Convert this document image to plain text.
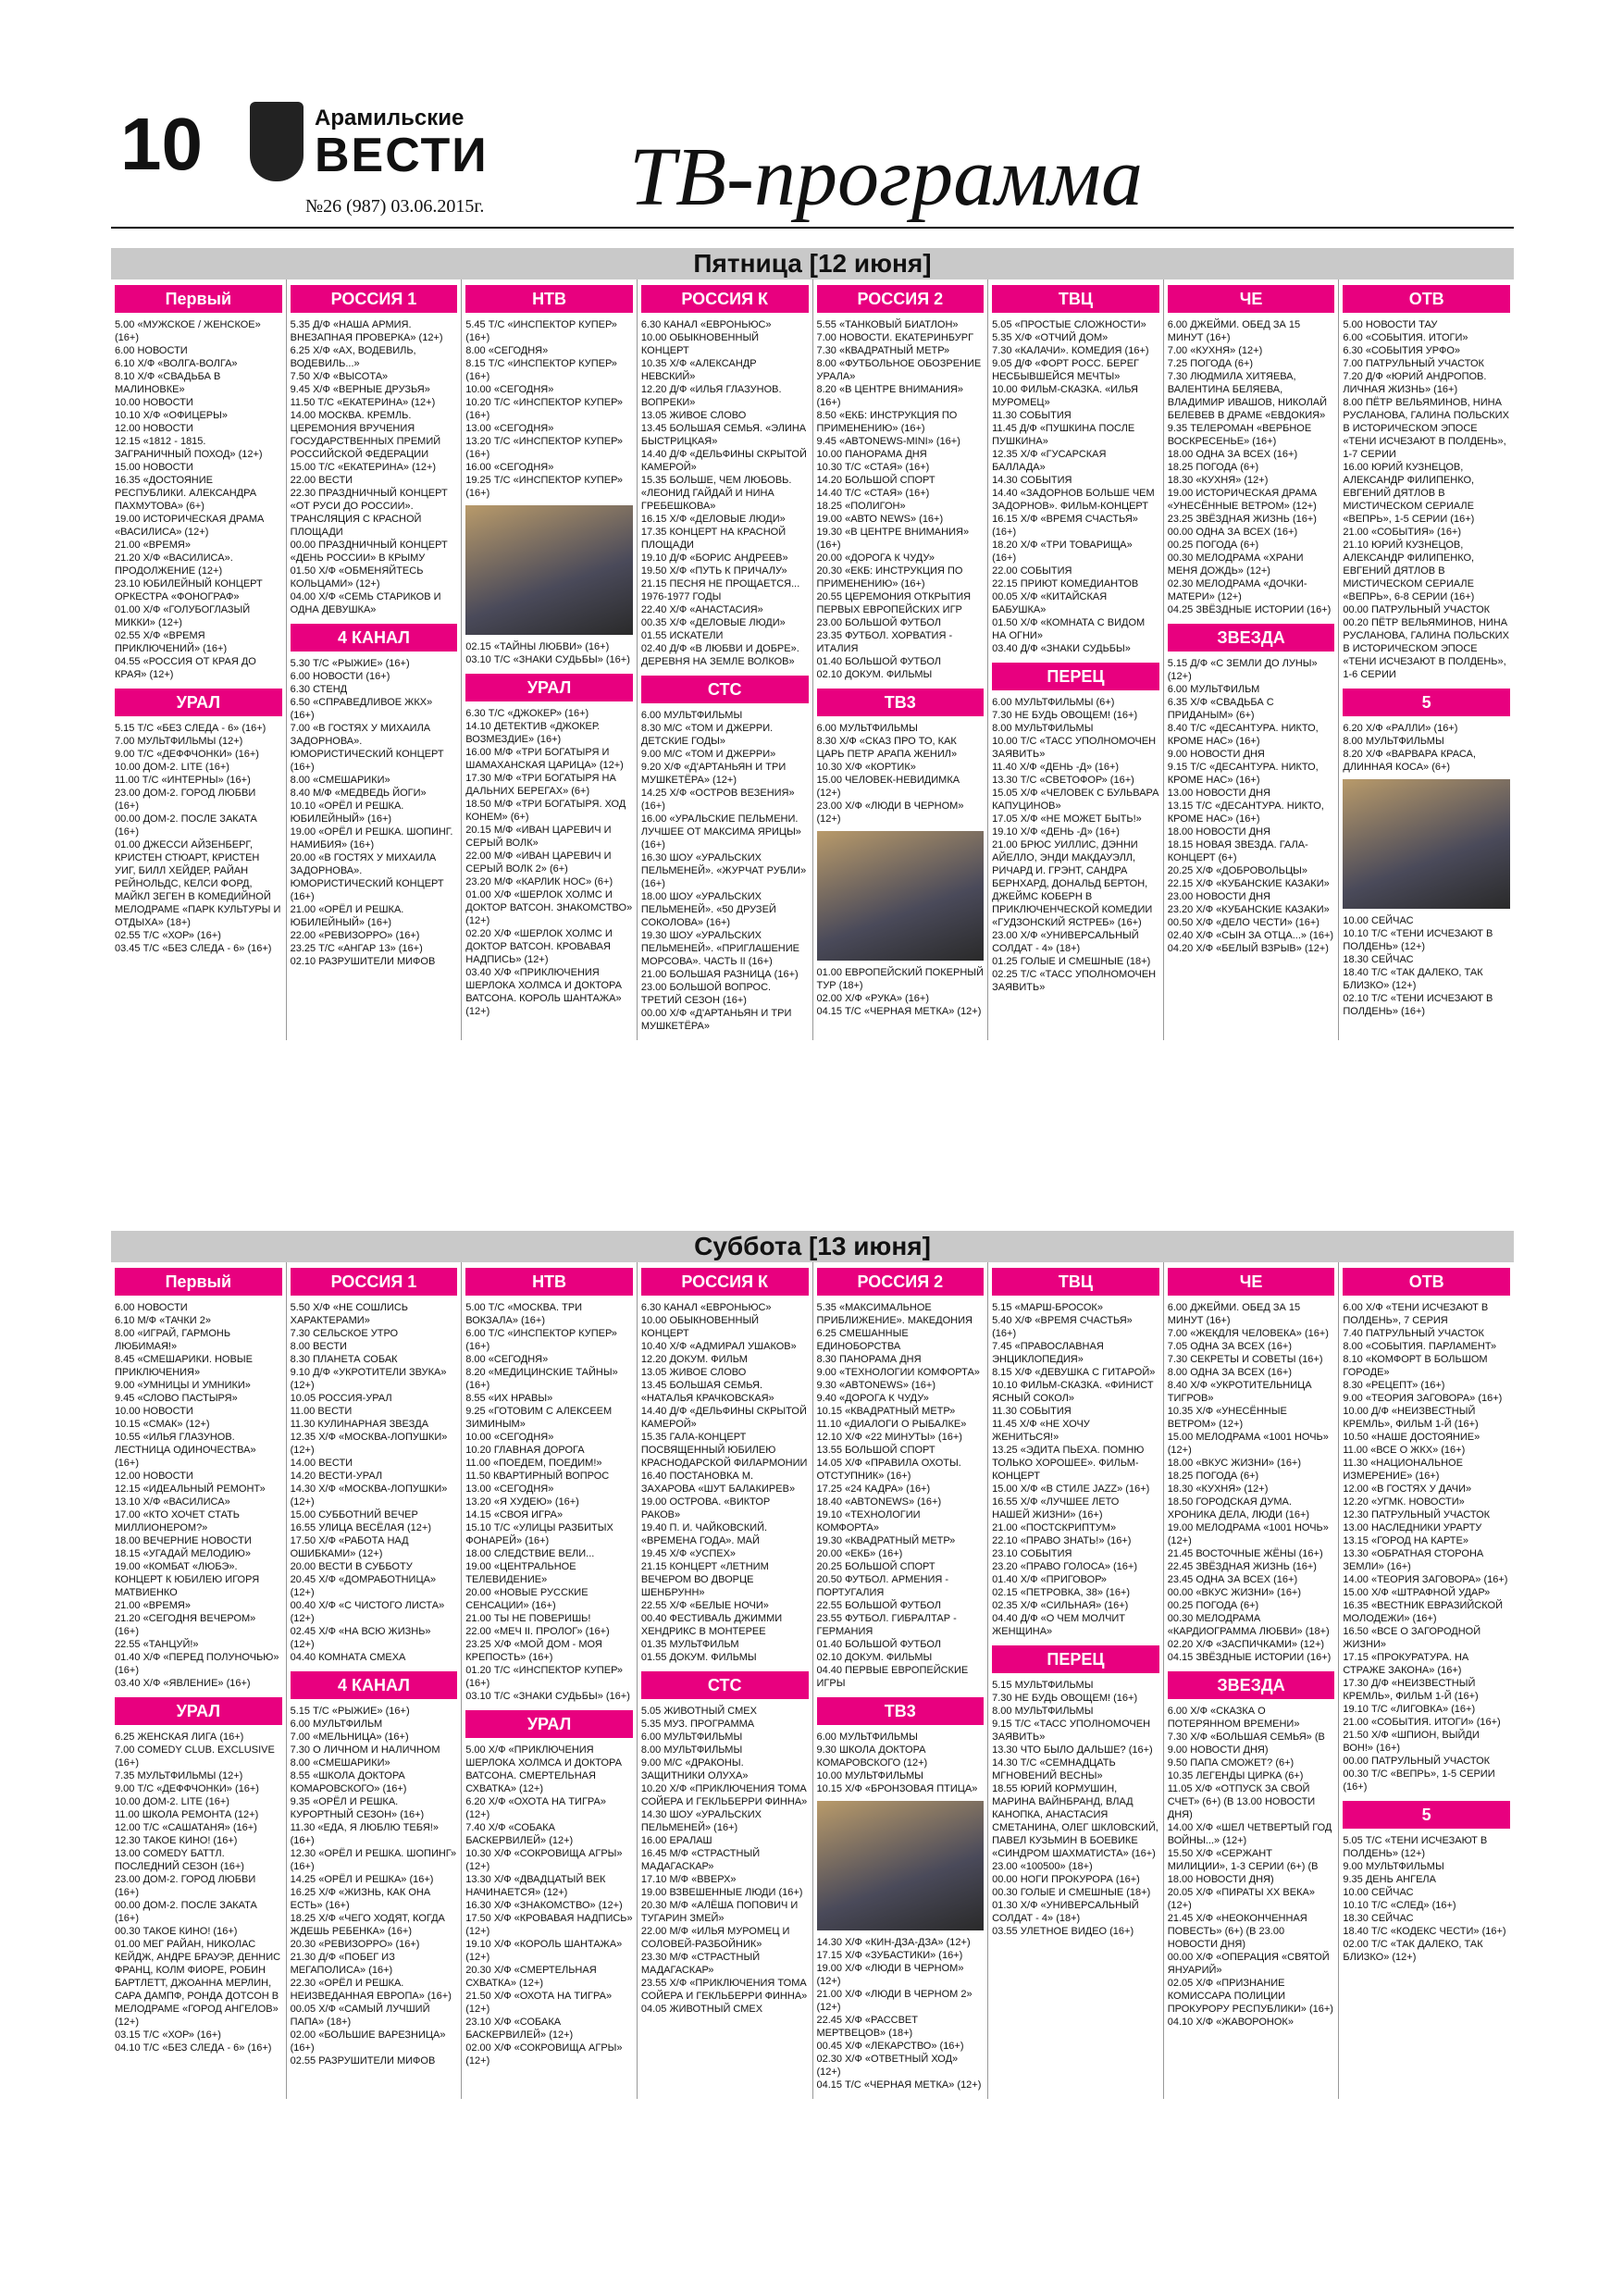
10	Арамильские
ВЕСТИ
№26 (987) 03.06.2015г. ТВ-программа
Пятница [12 июня]
Первый

5.00 «МУЖСКОЕ / ЖЕНСКОЕ» (16+)
6.00 НОВОСТИ
6.10 Х/Ф «ВОЛГА-ВОЛГА»
8.10 Х/Ф «СВАДЬБА В МАЛИНОВКЕ»
10.00 НОВОСТИ
10.10 Х/Ф «ОФИЦЕРЫ»
12.00 НОВОСТИ
12.15 «1812 - 1815. ЗАГРАНИЧНЫЙ ПОХОД» (12+)
15.00 НОВОСТИ
16.35 «ДОСТОЯНИЕ РЕСПУБЛИКИ. АЛЕКСАНДРА ПАХМУТОВА» (6+)
19.00 ИСТОРИЧЕСКАЯ ДРАМА «ВАСИЛИСА» (12+)
21.00 «ВРЕМЯ»
21.20 Х/Ф «ВАСИЛИСА». ПРОДОЛЖЕНИЕ (12+)
23.10 ЮБИЛЕЙНЫЙ КОНЦЕРТ ОРКЕСТРА «ФОНОГРАФ»
01.00 Х/Ф «ГОЛУБОГЛАЗЫЙ МИККИ» (12+)
02.55 Х/Ф «ВРЕМЯ ПРИКЛЮЧЕНИЙ» (16+)
04.55 «РОССИЯ ОТ КРАЯ ДО КРАЯ» (12+)

УРАЛ

5.15 Т/С «БЕЗ СЛЕДА - 6» (16+)
7.00 МУЛЬТФИЛЬМЫ (12+)
9.00 Т/С «ДЕФФЧОНКИ» (16+)
10.00 ДОМ-2. LITE (16+)
11.00 Т/С «ИНТЕРНЫ» (16+)
23.00 ДОМ-2. ГОРОД ЛЮБВИ (16+)
00.00 ДОМ-2. ПОСЛЕ ЗАКАТА (16+)
01.00 ДЖЕССИ АЙЗЕНБЕРГ, КРИСТЕН СТЮАРТ, КРИСТЕН УИГ, БИЛЛ ХЕЙДЕР, РАЙАН РЕЙНОЛЬДС, КЕЛСИ ФОРД, МАЙКЛ ЗЕГЕН В КОМЕДИЙНОЙ МЕЛОДРАМЕ «ПАРК КУЛЬТУРЫ И ОТДЫХА» (18+)
02.55 Т/С «ХОР» (16+)
03.45 Т/С «БЕЗ СЛЕДА - 6» (16+)

РОССИЯ 1

5.35 Д/Ф «НАША АРМИЯ. ВНЕЗАПНАЯ ПРОВЕРКА» (12+)
6.25 Х/Ф «АХ, ВОДЕВИЛЬ, ВОДЕВИЛЬ...»
7.50 Х/Ф «ВЫСОТА»
9.45 Х/Ф «ВЕРНЫЕ ДРУЗЬЯ»
11.50 Т/С «ЕКАТЕРИНА» (12+)
14.00 МОСКВА. КРЕМЛЬ. ЦЕРЕМОНИЯ ВРУЧЕНИЯ ГОСУДАРСТВЕННЫХ ПРЕМИЙ РОССИЙСКОЙ ФЕДЕРАЦИИ
15.00 Т/С «ЕКАТЕРИНА» (12+)
22.00 ВЕСТИ
22.30 ПРАЗДНИЧНЫЙ КОНЦЕРТ «ОТ РУСИ ДО РОССИИ». ТРАНСЛЯЦИЯ С КРАСНОЙ ПЛОЩАДИ
00.00 ПРАЗДНИЧНЫЙ КОНЦЕРТ «ДЕНЬ РОССИИ» В КРЫМУ
01.50 Х/Ф «ОБМЕНЯЙТЕСЬ КОЛЬЦАМИ» (12+)
04.00 Х/Ф «СЕМЬ СТАРИКОВ И ОДНА ДЕВУШКА»

4 КАНАЛ

5.30 Т/С «РЫЖИЕ» (16+)
6.00 НОВОСТИ (16+)
6.30 СТЕНД
6.50 «СПРАВЕДЛИВОЕ ЖКХ» (16+)
7.00 «В ГОСТЯХ У МИХАИЛА ЗАДОРНОВА». ЮМОРИСТИЧЕСКИЙ КОНЦЕРТ (16+)
8.00 «СМЕШАРИКИ»
8.40 М/Ф «МЕДВЕДЬ ЙОГИ»
10.10 «ОРЁЛ И РЕШКА. ЮБИЛЕЙНЫЙ» (16+)
19.00 «ОРЁЛ И РЕШКА. ШОПИНГ. НАМИБИЯ» (16+)
20.00 «В ГОСТЯХ У МИХАИЛА ЗАДОРНОВА». ЮМОРИСТИЧЕСКИЙ КОНЦЕРТ (16+)
21.00 «ОРЁЛ И РЕШКА. ЮБИЛЕЙНЫЙ» (16+)
22.00 «РЕВИЗОРРО» (16+)
23.25 Т/С «АНГАР 13» (16+)
02.10 РАЗРУШИТЕЛИ МИФОВ

НТВ

5.45 Т/С «ИНСПЕКТОР КУПЕР» (16+)
8.00 «СЕГОДНЯ»
8.15 Т/С «ИНСПЕКТОР КУПЕР» (16+)
10.00 «СЕГОДНЯ»
10.20 Т/С «ИНСПЕКТОР КУПЕР» (16+)
13.00 «СЕГОДНЯ»
13.20 Т/С «ИНСПЕКТОР КУПЕР» (16+)
16.00 «СЕГОДНЯ»
19.25 Т/С «ИНСПЕКТОР КУПЕР» (16+)

02.15 «ТАЙНЫ ЛЮБВИ» (16+)
03.10 Т/С «ЗНАКИ СУДЬБЫ» (16+)

УРАЛ

6.30 Т/С «ДЖОКЕР» (16+)
14.10 ДЕТЕКТИВ «ДЖОКЕР. ВОЗМЕЗДИЕ» (16+)
16.00 М/Ф «ТРИ БОГАТЫРЯ И ШАМАХАНСКАЯ ЦАРИЦА» (12+)
17.30 М/Ф «ТРИ БОГАТЫРЯ НА ДАЛЬНИХ БЕРЕГАХ» (6+)
18.50 М/Ф «ТРИ БОГАТЫРЯ. ХОД КОНЕМ» (6+)
20.15 М/Ф «ИВАН ЦАРЕВИЧ И СЕРЫЙ ВОЛК»
22.00 М/Ф «ИВАН ЦАРЕВИЧ И СЕРЫЙ ВОЛК 2» (6+)
23.20 М/Ф «КАРЛИК НОС» (6+)
01.00 Х/Ф «ШЕРЛОК ХОЛМС И ДОКТОР ВАТСОН. ЗНАКОМСТВО» (12+)
02.20 Х/Ф «ШЕРЛОК ХОЛМС И ДОКТОР ВАТСОН. КРОВАВАЯ НАДПИСЬ» (12+)
03.40 Х/Ф «ПРИКЛЮЧЕНИЯ ШЕРЛОКА ХОЛМСА И ДОКТОРА ВАТСОНА. КОРОЛЬ ШАНТАЖА» (12+)

РОССИЯ К

6.30 КАНАЛ «ЕВРОНЬЮС»
10.00 ОБЫКНОВЕННЫЙ КОНЦЕРТ
10.35 Х/Ф «АЛЕКСАНДР НЕВСКИЙ»
12.20 Д/Ф «ИЛЬЯ ГЛАЗУНОВ. ВОПРЕКИ»
13.05 ЖИВОЕ СЛОВО
13.45 БОЛЬШАЯ СЕМЬЯ. «ЭЛИНА БЫСТРИЦКАЯ»
14.40 Д/Ф «ДЕЛЬФИНЫ СКРЫТОЙ КАМЕРОЙ»
15.35 БОЛЬШЕ, ЧЕМ ЛЮБОВЬ. «ЛЕОНИД ГАЙДАЙ И НИНА ГРЕБЕШКОВА»
16.15 Х/Ф «ДЕЛОВЫЕ ЛЮДИ»
17.35 КОНЦЕРТ НА КРАСНОЙ ПЛОЩАДИ
19.10 Д/Ф «БОРИС АНДРЕЕВ»
19.50 Х/Ф «ПУТЬ К ПРИЧАЛУ»
21.15 ПЕСНЯ НЕ ПРОЩАЕТСЯ... 1976-1977 ГОДЫ
22.40 Х/Ф «АНАСТАСИЯ»
00.35 Х/Ф «ДЕЛОВЫЕ ЛЮДИ»
01.55 ИСКАТЕЛИ
02.40 Д/Ф «В ЛЮБВИ И ДОБРЕ». ДЕРЕВНЯ НА ЗЕМЛЕ ВОЛКОВ»

СТС

6.00 МУЛЬТФИЛЬМЫ
8.30 М/С «ТОМ И ДЖЕРРИ. ДЕТСКИЕ ГОДЫ»
9.00 М/С «ТОМ И ДЖЕРРИ»
9.20 Х/Ф «Д'АРТАНЬЯН И ТРИ МУШКЕТЁРА» (12+)
14.25 Х/Ф «ОСТРОВ ВЕЗЕНИЯ» (16+)
16.00 «УРАЛЬСКИЕ ПЕЛЬМЕНИ. ЛУЧШЕЕ ОТ МАКСИМА ЯРИЦЫ» (16+)
16.30 ШОУ «УРАЛЬСКИХ ПЕЛЬМЕНЕЙ». «ЖУРЧАТ РУБЛИ» (16+)
18.00 ШОУ «УРАЛЬСКИХ ПЕЛЬМЕНЕЙ». «50 ДРУЗЕЙ СОКОЛОВА» (16+)
19.30 ШОУ «УРАЛЬСКИХ ПЕЛЬМЕНЕЙ». «ПРИГЛАШЕНИЕ МОРСОВА». ЧАСТЬ II (16+)
21.00 БОЛЬШАЯ РАЗНИЦА (16+)
23.00 БОЛЬШОЙ ВОПРОС. ТРЕТИЙ СЕЗОН (16+)
00.00 Х/Ф «Д'АРТАНЬЯН И ТРИ МУШКЕТЁРА»

РОССИЯ 2

5.55 «ТАНКОВЫЙ БИАТЛОН»
7.00 НОВОСТИ. ЕКАТЕРИНБУРГ
7.30 «КВАДРАТНЫЙ МЕТР»
8.00 «ФУТБОЛЬНОЕ ОБОЗРЕНИЕ УРАЛА»
8.20 «В ЦЕНТРЕ ВНИМАНИЯ» (16+)
8.50 «ЕКБ: ИНСТРУКЦИЯ ПО ПРИМЕНЕНИЮ» (16+)
9.45 «ABTONEWS-MINI» (16+)
10.00 ПАНОРАМА ДНЯ
10.30 Т/С «СТАЯ» (16+)
14.20 БОЛЬШОЙ СПОРТ
14.40 Т/С «СТАЯ» (16+)
18.25 «ПОЛИГОН»
19.00 «АВТО NEWS» (16+)
19.30 «В ЦЕНТРЕ ВНИМАНИЯ» (16+)
20.00 «ДОРОГА К ЧУДУ»
20.30 «ЕКБ: ИНСТРУКЦИЯ ПО ПРИМЕНЕНИЮ» (16+)
20.55 ЦЕРЕМОНИЯ ОТКРЫТИЯ ПЕРВЫХ ЕВРОПЕЙСКИХ ИГР
23.00 БОЛЬШОЙ ФУТБОЛ
23.35 ФУТБОЛ. ХОРВАТИЯ - ИТАЛИЯ
01.40 БОЛЬШОЙ ФУТБОЛ
02.10 ДОКУМ. ФИЛЬМЫ

ТВ3

6.00 МУЛЬТФИЛЬМЫ
8.30 Х/Ф «СКАЗ ПРО ТО, КАК ЦАРЬ ПЕТР АРАПА ЖЕНИЛ»
10.30 Х/Ф «КОРТИК»
15.00 ЧЕЛОВЕК-НЕВИДИМКА (12+)
23.00 Х/Ф «ЛЮДИ В ЧЕРНОМ» (12+)

01.00 ЕВРОПЕЙСКИЙ ПОКЕРНЫЙ ТУР (18+)
02.00 Х/Ф «РУКА» (16+)
04.15 Т/С «ЧЕРНАЯ МЕТКА» (12+)

ТВЦ

5.05 «ПРОСТЫЕ СЛОЖНОСТИ»
5.35 Х/Ф «ОТЧИЙ ДОМ»
7.30 «КАЛАЧИ». КОМЕДИЯ (16+)
9.05 Д/Ф «ФОРТ РОСС. БЕРЕГ НЕСБЫВШЕЙСЯ МЕЧТЫ»
10.00 ФИЛЬМ-СКАЗКА. «ИЛЬЯ МУРОМЕЦ»
11.30 СОБЫТИЯ
11.45 Д/Ф «ПУШКИНА ПОСЛЕ ПУШКИНА»
12.35 Х/Ф «ГУСАРСКАЯ БАЛЛАДА»
14.30 СОБЫТИЯ
14.40 «ЗАДОРНОВ БОЛЬШЕ ЧЕМ ЗАДОРНОВ». ФИЛЬМ-КОНЦЕРТ
16.15 Х/Ф «ВРЕМЯ СЧАСТЬЯ» (16+)
18.20 Х/Ф «ТРИ ТОВАРИЩА» (16+)
22.00 СОБЫТИЯ
22.15 ПРИЮТ КОМЕДИАНТОВ
00.05 Х/Ф «КИТАЙСКАЯ БАБУШКА»
01.50 Х/Ф «КОМНАТА С ВИДОМ НА ОГНИ»
03.40 Д/Ф «ЗНАКИ СУДЬБЫ»

ПЕРЕЦ

6.00 МУЛЬТФИЛЬМЫ (6+)
7.30 НЕ БУДЬ ОВОЩЕМ! (16+)
8.00 МУЛЬТФИЛЬМЫ
10.00 Т/С «ТАСС УПОЛНОМОЧЕН ЗАЯВИТЬ»
11.40 Х/Ф «ДЕНЬ -Д» (16+)
13.30 Т/С «СВЕТОФОР» (16+)
15.05 Х/Ф «ЧЕЛОВЕК С БУЛЬВАРА КАПУЦИНОВ»
17.05 Х/Ф «НЕ МОЖЕТ БЫТЬ!»
19.10 Х/Ф «ДЕНЬ -Д» (16+)
21.00 БРЮС УИЛЛИС, ДЭННИ АЙЕЛЛО, ЭНДИ МАКДАУЭЛЛ, РИЧАРД И. ГРЭНТ, САНДРА БЕРНХАРД, ДОНАЛЬД БЕРТОН, ДЖЕЙМС КОБЕРН В ПРИКЛЮЧЕНЧЕСКОЙ КОМЕДИИ «ГУДЗОНСКИЙ ЯСТРЕБ» (16+)
23.00 Х/Ф «УНИВЕРСАЛЬНЫЙ СОЛДАТ - 4» (18+)
01.25 ГОЛЫЕ И СМЕШНЫЕ (18+)
02.25 Т/С «ТАСС УПОЛНОМОЧЕН ЗАЯВИТЬ»

ЧЕ

6.00 ДЖЕЙМИ. ОБЕД ЗА 15 МИНУТ (16+)
7.00 «КУХНЯ» (12+)
7.25 ПОГОДА (6+)
7.30 ЛЮДМИЛА ХИТЯЕВА, ВАЛЕНТИНА БЕЛЯЕВА, ВЛАДИМИР ИВАШОВ, НИКОЛАЙ БЕЛЕВЕВ В ДРАМЕ «ЕВДОКИЯ»
9.35 ТЕЛЕРОМАН «ВЕРБНОЕ ВОСКРЕСЕНЬЕ» (16+)
18.00 ОДНА ЗА ВСЕХ (16+)
18.25 ПОГОДА (6+)
18.30 «КУХНЯ» (12+)
19.00 ИСТОРИЧЕСКАЯ ДРАМА «УНЕСЁННЫЕ ВЕТРОМ» (12+)
23.25 ЗВЁЗДНАЯ ЖИЗНЬ (16+)
00.00 ОДНА ЗА ВСЕХ (16+)
00.25 ПОГОДА (6+)
00.30 МЕЛОДРАМА «ХРАНИ МЕНЯ ДОЖДЬ» (12+)
02.30 МЕЛОДРАМА «ДОЧКИ-МАТЕРИ» (12+)
04.25 ЗВЁЗДНЫЕ ИСТОРИИ (16+)

ЗВЕЗДА

5.15 Д/Ф «С ЗЕМЛИ ДО ЛУНЫ» (12+)
6.00 МУЛЬТФИЛЬМ
6.35 Х/Ф «СВАДЬБА С ПРИДАНЫМ» (6+)
8.40 Т/С «ДЕСАНТУРА. НИКТО, КРОМЕ НАС» (16+)
9.00 НОВОСТИ ДНЯ
9.15 Т/С «ДЕСАНТУРА. НИКТО, КРОМЕ НАС» (16+)
13.00 НОВОСТИ ДНЯ
13.15 Т/С «ДЕСАНТУРА. НИКТО, КРОМЕ НАС» (16+)
18.00 НОВОСТИ ДНЯ
18.15 НОВАЯ ЗВЕЗДА. ГАЛА-КОНЦЕРТ (6+)
20.25 Х/Ф «ДОБРОВОЛЬЦЫ»
22.15 Х/Ф «КУБАНСКИЕ КАЗАКИ»
23.00 НОВОСТИ ДНЯ
23.20 Х/Ф «КУБАНСКИЕ КАЗАКИ»
00.50 Х/Ф «ДЕЛО ЧЕСТИ» (16+)
02.40 Х/Ф «СЫН ЗА ОТЦА...» (16+)
04.20 Х/Ф «БЕЛЫЙ ВЗРЫВ» (12+)

ОТВ

5.00 НОВОСТИ ТАУ
6.00 «СОБЫТИЯ. ИТОГИ»
6.30 «СОБЫТИЯ УРФО»
7.00 ПАТРУЛЬНЫЙ УЧАСТОК
7.20 Д/Ф «ЮРИЙ АНДРОПОВ. ЛИЧНАЯ ЖИЗНЬ» (16+)
8.00 ПЁТР ВЕЛЬЯМИНОВ, НИНА РУСЛАНОВА, ГАЛИНА ПОЛЬСКИХ В ИСТОРИЧЕСКОМ ЭПОСЕ «ТЕНИ ИСЧЕЗАЮТ В ПОЛДЕНЬ», 1-7 СЕРИИ
16.00 ЮРИЙ КУЗНЕЦОВ, АЛЕКСАНДР ФИЛИПЕНКО, ЕВГЕНИЙ ДЯТЛОВ В МИСТИЧЕСКОМ СЕРИАЛЕ «ВЕПРЬ», 1-5 СЕРИИ (16+)
21.00 «СОБЫТИЯ» (16+)
21.10 ЮРИЙ КУЗНЕЦОВ, АЛЕКСАНДР ФИЛИПЕНКО, ЕВГЕНИЙ ДЯТЛОВ В МИСТИЧЕСКОМ СЕРИАЛЕ «ВЕПРЬ», 6-8 СЕРИИ (16+)
00.00 ПАТРУЛЬНЫЙ УЧАСТОК
00.20 ПЁТР ВЕЛЬЯМИНОВ, НИНА РУСЛАНОВА, ГАЛИНА ПОЛЬСКИХ В ИСТОРИЧЕСКОМ ЭПОСЕ «ТЕНИ ИСЧЕЗАЮТ В ПОЛДЕНЬ», 1-6 СЕРИИ

5

6.20 Х/Ф «РАЛЛИ» (16+)
8.00 МУЛЬТФИЛЬМЫ
8.20 Х/Ф «ВАРВАРА КРАСА, ДЛИННАЯ КОСА» (6+)

10.00 СЕЙЧАС
10.10 Т/С «ТЕНИ ИСЧЕЗАЮТ В ПОЛДЕНЬ» (12+)
18.30 СЕЙЧАС
18.40 Т/С «ТАК ДАЛЕКО, ТАК БЛИЗКО» (12+)
02.10 Т/С «ТЕНИ ИСЧЕЗАЮТ В ПОЛДЕНЬ» (16+)

Суббота [13 июня]
Первый

6.00 НОВОСТИ
6.10 М/Ф «ТАЧКИ 2»
8.00 «ИГРАЙ, ГАРМОНЬ ЛЮБИМАЯ!»
8.45 «СМЕШАРИКИ. НОВЫЕ ПРИКЛЮЧЕНИЯ»
9.00 «УМНИЦЫ И УМНИКИ»
9.45 «СЛОВО ПАСТЫРЯ»
10.00 НОВОСТИ
10.15 «СМАК» (12+)
10.55 «ИЛЬЯ ГЛАЗУНОВ. ЛЕСТНИЦА ОДИНОЧЕСТВА» (16+)
12.00 НОВОСТИ
12.15 «ИДЕАЛЬНЫЙ РЕМОНТ»
13.10 Х/Ф «ВАСИЛИСА»
17.00 «КТО ХОЧЕТ СТАТЬ МИЛЛИОНЕРОМ?»
18.00 ВЕЧЕРНИЕ НОВОСТИ
18.15 «УГАДАЙ МЕЛОДИЮ»
19.00 «КОМБАТ «ЛЮБЭ». КОНЦЕРТ К ЮБИЛЕЮ ИГОРЯ МАТВИЕНКО
21.00 «ВРЕМЯ»
21.20 «СЕГОДНЯ ВЕЧЕРОМ» (16+)
22.55 «ТАНЦУЙ!»
01.40 Х/Ф «ПЕРЕД ПОЛУНОЧЬЮ» (16+)
03.40 Х/Ф «ЯВЛЕНИЕ» (16+)

УРАЛ

6.25 ЖЕНСКАЯ ЛИГА (16+)
7.00 COMEDY CLUB. EXCLUSIVE (16+)
7.35 МУЛЬТФИЛЬМЫ (12+)
9.00 Т/С «ДЕФФЧОНКИ» (16+)
10.00 ДОМ-2. LITE (16+)
11.00 ШКОЛА РЕМОНТА (12+)
12.00 Т/С «САШАТАНЯ» (16+)
12.30 ТАКОЕ КИНО! (16+)
13.00 COMEDY БАТТЛ. ПОСЛЕДНИЙ СЕЗОН (16+)
23.00 ДОМ-2. ГОРОД ЛЮБВИ (16+)
00.00 ДОМ-2. ПОСЛЕ ЗАКАТА (16+)
00.30 ТАКОЕ КИНО! (16+)
01.00 МЕГ РАЙАН, НИКОЛАС КЕЙДЖ, АНДРЕ БРАУЭР, ДЕННИС ФРАНЦ, КОЛМ ФИОРЕ, РОБИН БАРТЛЕТТ, ДЖОАННА МЕРЛИН, САРА ДАМПФ, РОНДА ДОТСОН В МЕЛОДРАМЕ «ГОРОД АНГЕЛОВ» (12+)
03.15 Т/С «ХОР» (16+)
04.10 Т/С «БЕЗ СЛЕДА - 6» (16+)

РОССИЯ 1

5.50 Х/Ф «НЕ СОШЛИСЬ ХАРАКТЕРАМИ»
7.30 СЕЛЬСКОЕ УТРО
8.00 ВЕСТИ
8.30 ПЛАНЕТА СОБАК
9.10 Д/Ф «УКРОТИТЕЛИ ЗВУКА» (12+)
10.05 РОССИЯ-УРАЛ
11.00 ВЕСТИ
11.30 КУЛИНАРНАЯ ЗВЕЗДА
12.35 Х/Ф «МОСКВА-ЛОПУШКИ» (12+)
14.00 ВЕСТИ
14.20 ВЕСТИ-УРАЛ
14.30 Х/Ф «МОСКВА-ЛОПУШКИ» (12+)
15.00 СУББОТНИЙ ВЕЧЕР
16.55 УЛИЦА ВЕСЁЛАЯ (12+)
17.50 Х/Ф «РАБОТА НАД ОШИБКАМИ» (12+)
20.00 ВЕСТИ В СУББОТУ
20.45 Х/Ф «ДОМРАБОТНИЦА» (12+)
00.40 Х/Ф «С ЧИСТОГО ЛИСТА» (12+)
02.45 Х/Ф «НА ВСЮ ЖИЗНЬ» (12+)
04.40 КОМНАТА СМЕХА

4 КАНАЛ

5.15 Т/С «РЫЖИЕ» (16+)
6.00 МУЛЬТФИЛЬМ
7.00 «МЕЛЬНИЦА» (16+)
7.30 О ЛИЧНОМ И НАЛИЧНОМ
8.00 «СМЕШАРИКИ»
8.55 «ШКОЛА ДОКТОРА КОМАРОВСКОГО» (16+)
9.35 «ОРЁЛ И РЕШКА. КУРОРТНЫЙ СЕЗОН» (16+)
11.30 «ЕДА, Я ЛЮБЛЮ ТЕБЯ!» (16+)
12.30 «ОРЁЛ И РЕШКА. ШОПИНГ» (16+)
14.25 «ОРЁЛ И РЕШКА» (16+)
16.25 Х/Ф «ЖИЗНЬ, КАК ОНА ЕСТЬ» (16+)
18.25 Х/Ф «ЧЕГО ХОДЯТ, КОГДА ЖДЕШЬ РЕБЕНКА» (16+)
20.30 «РЕВИЗОРРО» (16+)
21.30 Д/Ф «ПОБЕГ ИЗ МЕГАПОЛИСА» (16+)
22.30 «ОРЁЛ И РЕШКА. НЕИЗВЕДАННАЯ ЕВРОПА» (16+)
00.05 Х/Ф «САМЫЙ ЛУЧШИЙ ПАПА» (18+)
02.00 «БОЛЬШИЕ ВАРЕЗНИЦА» (16+)
02.55 РАЗРУШИТЕЛИ МИФОВ

НТВ

5.00 Т/С «МОСКВА. ТРИ ВОКЗАЛА» (16+)
6.00 Т/С «ИНСПЕКТОР КУПЕР» (16+)
8.00 «СЕГОДНЯ»
8.20 «МЕДИЦИНСКИЕ ТАЙНЫ» (16+)
8.55 «ИХ НРАВЫ»
9.25 «ГОТОВИМ С АЛЕКСЕЕМ ЗИМИНЫМ»
10.00 «СЕГОДНЯ»
10.20 ГЛАВНАЯ ДОРОГА
11.00 «ПОЕДЕМ, ПОЕДИМ!»
11.50 КВАРТИРНЫЙ ВОПРОС
13.00 «СЕГОДНЯ»
13.20 «Я ХУДЕЮ» (16+)
14.15 «СВОЯ ИГРА»
15.10 Т/С «УЛИЦЫ РАЗБИТЫХ ФОНАРЕЙ» (16+)
18.00 СЛЕДСТВИЕ ВЕЛИ...
19.00 «ЦЕНТРАЛЬНОЕ ТЕЛЕВИДЕНИЕ»
20.00 «НОВЫЕ РУССКИЕ СЕНСАЦИИ» (16+)
21.00 ТЫ НЕ ПОВЕРИШЬ!
22.00 «МЕЧ II. ПРОЛОГ» (16+)
23.25 Х/Ф «МОЙ ДОМ - МОЯ КРЕПОСТЬ» (16+)
01.20 Т/С «ИНСПЕКТОР КУПЕР» (16+)
03.10 Т/С «ЗНАКИ СУДЬБЫ» (16+)

УРАЛ

5.00 Х/Ф «ПРИКЛЮЧЕНИЯ ШЕРЛОКА ХОЛМСА И ДОКТОРА ВАТСОНА. СМЕРТЕЛЬНАЯ СХВАТКА» (12+)
6.20 Х/Ф «ОХОТА НА ТИГРА» (12+)
7.40 Х/Ф «СОБАКА БАСКЕРВИЛЕЙ» (12+)
10.30 Х/Ф «СОКРОВИЩА АГРЫ» (12+)
13.30 Х/Ф «ДВАДЦАТЫЙ ВЕК НАЧИНАЕТСЯ» (12+)
16.30 Х/Ф «ЗНАКОМСТВО» (12+)
17.50 Х/Ф «КРОВАВАЯ НАДПИСЬ» (12+)
19.10 Х/Ф «КОРОЛЬ ШАНТАЖА» (12+)
20.30 Х/Ф «СМЕРТЕЛЬНАЯ СХВАТКА» (12+)
21.50 Х/Ф «ОХОТА НА ТИГРА» (12+)
23.10 Х/Ф «СОБАКА БАСКЕРВИЛЕЙ» (12+)
02.00 Х/Ф «СОКРОВИЩА АГРЫ» (12+)

РОССИЯ К

6.30 КАНАЛ «ЕВРОНЬЮС»
10.00 ОБЫКНОВЕННЫЙ КОНЦЕРТ
10.40 Х/Ф «АДМИРАЛ УШАКОВ»
12.20 ДОКУМ. ФИЛЬМ
13.05 ЖИВОЕ СЛОВО
13.45 БОЛЬШАЯ СЕМЬЯ. «НАТАЛЬЯ КРАЧКОВСКАЯ»
14.40 Д/Ф «ДЕЛЬФИНЫ СКРЫТОЙ КАМЕРОЙ»
15.35 ГАЛА-КОНЦЕРТ ПОСВЯЩЕННЫЙ ЮБИЛЕЮ КРАСНОДАРСКОЙ ФИЛАРМОНИИ
16.40 ПОСТАНОВКА М. ЗАХАРОВА «ШУТ БАЛАКИРЕВ»
19.00 ОСТРОВА. «ВИКТОР РАКОВ»
19.40 П. И. ЧАЙКОВСКИЙ. «ВРЕМЕНА ГОДА». МАЙ
19.45 Х/Ф «УСПЕХ»
21.15 КОНЦЕРТ «ЛЕТНИМ ВЕЧЕРОМ ВО ДВОРЦЕ ШЕНБРУНН»
22.55 Х/Ф «БЕЛЫЕ НОЧИ»
00.40 ФЕСТИВАЛЬ ДЖИММИ ХЕНДРИКС В МОНТЕРЕЕ
01.35 МУЛЬТФИЛЬМ
01.55 ДОКУМ. ФИЛЬМЫ

СТС

5.05 ЖИВОТНЫЙ СМЕХ
5.35 МУЗ. ПРОГРАММА
6.00 МУЛЬТФИЛЬМЫ
8.00 МУЛЬТФИЛЬМЫ
9.00 М/С «ДРАКОНЫ. ЗАЩИТНИКИ ОЛУХА»
10.20 Х/Ф «ПРИКЛЮЧЕНИЯ ТОМА СОЙЕРА И ГЕКЛЬБЕРРИ ФИННА»
14.30 ШОУ «УРАЛЬСКИХ ПЕЛЬМЕНЕЙ» (16+)
16.00 ЕРАЛАШ
16.45 М/Ф «СТРАСТНЫЙ МАДАГАСКАР»
17.10 М/Ф «ВВЕРХ»
19.00 ВЗВЕШЕННЫЕ ЛЮДИ (16+)
20.30 М/Ф «АЛЁША ПОПОВИЧ И ТУГАРИН ЗМЕЙ»
22.00 М/Ф «ИЛЬЯ МУРОМЕЦ И СОЛОВЕЙ-РАЗБОЙНИК»
23.30 М/Ф «СТРАСТНЫЙ МАДАГАСКАР»
23.55 Х/Ф «ПРИКЛЮЧЕНИЯ ТОМА СОЙЕРА И ГЕКЛЬБЕРРИ ФИННА»
04.05 ЖИВОТНЫЙ СМЕХ

РОССИЯ 2

5.35 «МАКСИМАЛЬНОЕ ПРИБЛИЖЕНИЕ». МАКЕДОНИЯ
6.25 СМЕШАННЫЕ ЕДИНОБОРСТВА
8.30 ПАНОРАМА ДНЯ
9.00 «ТЕХНОЛОГИИ КОМФОРТА»
9.30 «ABTONEWS» (16+)
9.40 «ДОРОГА К ЧУДУ»
10.15 «КВАДРАТНЫЙ МЕТР»
11.10 «ДИАЛОГИ О РЫБАЛКЕ»
12.10 Х/Ф «22 МИНУТЫ» (16+)
13.55 БОЛЬШОЙ СПОРТ
14.05 Х/Ф «ПРАВИЛА ОХОТЫ. ОТСТУПНИК» (16+)
17.25 «24 КАДРА» (16+)
18.40 «ABTONEWS» (16+)
19.10 «ТЕХНОЛОГИИ КОМФОРТА»
19.30 «КВАДРАТНЫЙ МЕТР»
20.00 «ЕКБ» (16+)
20.25 БОЛЬШОЙ СПОРТ
20.50 ФУТБОЛ. АРМЕНИЯ - ПОРТУГАЛИЯ
22.55 БОЛЬШОЙ ФУТБОЛ
23.55 ФУТБОЛ. ГИБРАЛТАР - ГЕРМАНИЯ
01.40 БОЛЬШОЙ ФУТБОЛ
02.10 ДОКУМ. ФИЛЬМЫ
04.40 ПЕРВЫЕ ЕВРОПЕЙСКИЕ ИГРЫ

ТВ3

6.00 МУЛЬТФИЛЬМЫ
9.30 ШКОЛА ДОКТОРА КОМАРОВСКОГО (12+)
10.00 МУЛЬТФИЛЬМЫ
10.15 Х/Ф «БРОНЗОВАЯ ПТИЦА»

14.30 Х/Ф «КИН-ДЗА-ДЗА» (12+)
17.15 Х/Ф «ЗУБАСТИКИ» (16+)
19.00 Х/Ф «ЛЮДИ В ЧЕРНОМ» (12+)
21.00 Х/Ф «ЛЮДИ В ЧЕРНОМ 2» (12+)
22.45 Х/Ф «РАССВЕТ МЕРТВЕЦОВ» (18+)
00.45 Х/Ф «ЛЕКАРСТВО» (16+)
02.30 Х/Ф «ОТВЕТНЫЙ ХОД» (12+)
04.15 Т/С «ЧЕРНАЯ МЕТКА» (12+)

ТВЦ

5.15 «МАРШ-БРОСОК»
5.40 Х/Ф «ВРЕМЯ СЧАСТЬЯ» (16+)
7.45 «ПРАВОСЛАВНАЯ ЭНЦИКЛОПЕДИЯ»
8.15 Х/Ф «ДЕВУШКА С ГИТАРОЙ»
10.10 ФИЛЬМ-СКАЗКА. «ФИНИСТ ЯСНЫЙ СОКОЛ»
11.30 СОБЫТИЯ
11.45 Х/Ф «НЕ ХОЧУ ЖЕНИТЬСЯ!»
13.25 «ЭДИТА ПЬЕХА. ПОМНЮ ТОЛЬКО ХОРОШЕЕ». ФИЛЬМ-КОНЦЕРТ
15.00 Х/Ф «В СТИЛЕ JAZZ» (16+)
16.55 Х/Ф «ЛУЧШЕЕ ЛЕТО НАШЕЙ ЖИЗНИ» (16+)
21.00 «ПОСТСКРИПТУМ»
22.10 «ПРАВО ЗНАТЬ!» (16+)
23.10 СОБЫТИЯ
23.20 «ПРАВО ГОЛОСА» (16+)
01.40 Х/Ф «ПРИГОВОР»
02.15 «ПЕТРОВКА, 38» (16+)
02.35 Х/Ф «СИЛЬНАЯ» (16+)
04.40 Д/Ф «О ЧЕМ МОЛЧИТ ЖЕНЩИНА»

ПЕРЕЦ

5.15 МУЛЬТФИЛЬМЫ
7.30 НЕ БУДЬ ОВОЩЕМ! (16+)
8.00 МУЛЬТФИЛЬМЫ
9.15 Т/С «ТАСС УПОЛНОМОЧЕН ЗАЯВИТЬ»
13.30 ЧТО БЫЛО ДАЛЬШЕ? (16+)
14.30 Т/С «СЕМНАДЦАТЬ МГНОВЕНИЙ ВЕСНЫ»
18.55 ЮРИЙ КОРМУШИН, МАРИНА ВАЙНБРАНД, ВЛАД КАНОПКА, АНАСТАСИЯ СМЕТАНИНА, ОЛЕГ ШКЛОВСКИЙ, ПАВЕЛ КУЗЬМИН В БОЕВИКЕ «СИНДРОМ ШАХМАТИСТА» (16+)
23.00 «100500» (18+)
00.00 НОГИ ПРОКУРОРА (16+)
00.30 ГОЛЫЕ И СМЕШНЫЕ (18+)
01.30 Х/Ф «УНИВЕРСАЛЬНЫЙ СОЛДАТ - 4» (18+)
03.55 УЛЕТНОЕ ВИДЕО (16+)

ЧЕ

6.00 ДЖЕЙМИ. ОБЕД ЗА 15 МИНУТ (16+)
7.00 «ЖЕКДЛЯ ЧЕЛОВЕКА» (16+)
7.05 ОДНА ЗА ВСЕХ (16+)
7.30 СЕКРЕТЫ И СОВЕТЫ (16+)
8.00 ОДНА ЗА ВСЕХ (16+)
8.40 Х/Ф «УКРОТИТЕЛЬНИЦА ТИГРОВ»
10.35 Х/Ф «УНЕСЁННЫЕ ВЕТРОМ» (12+)
15.00 МЕЛОДРАМА «1001 НОЧЬ» (12+)
18.00 «ВКУС ЖИЗНИ» (16+)
18.25 ПОГОДА (6+)
18.30 «КУХНЯ» (12+)
18.50 ГОРОДСКАЯ ДУМА. ХРОНИКА ДЕЛА, ЛЮДИ (16+)
19.00 МЕЛОДРАМА «1001 НОЧЬ» (12+)
21.45 ВОСТОЧНЫЕ ЖЁНЫ (16+)
22.45 ЗВЁЗДНАЯ ЖИЗНЬ (16+)
23.45 ОДНА ЗА ВСЕХ (16+)
00.00 «ВКУС ЖИЗНИ» (16+)
00.25 ПОГОДА (6+)
00.30 МЕЛОДРАМА «КАРДИОГРАММА ЛЮБВИ» (18+)
02.20 Х/Ф «ЗАСПИЧКАМИ» (12+)
04.15 ЗВЁЗДНЫЕ ИСТОРИИ (16+)

ЗВЕЗДА

6.00 Х/Ф «СКАЗКА О ПОТЕРЯННОМ ВРЕМЕНИ»
7.30 Х/Ф «БОЛЬШАЯ СЕМЬЯ» (В 9.00 НОВОСТИ ДНЯ)
9.50 ПАПА СМОЖЕТ? (6+)
10.35 ЛЕГЕНДЫ ЦИРКА (6+)
11.05 Х/Ф «ОТПУСК ЗА СВОЙ СЧЕТ» (6+) (В 13.00 НОВОСТИ ДНЯ)
14.00 Х/Ф «ШЕЛ ЧЕТВЕРТЫЙ ГОД ВОЙНЫ...» (12+)
15.50 Х/Ф «СЕРЖАНТ МИЛИЦИИ», 1-3 СЕРИИ (6+) (В 18.00 НОВОСТИ ДНЯ)
20.05 Х/Ф «ПИРАТЫ XX ВЕКА» (12+)
21.45 Х/Ф «НЕОКОНЧЕННАЯ ПОВЕСТЬ» (6+) (В 23.00 НОВОСТИ ДНЯ)
00.00 Х/Ф «ОПЕРАЦИЯ «СВЯТОЙ ЯНУАРИЙ»
02.05 Х/Ф «ПРИЗНАНИЕ КОМИССАРА ПОЛИЦИИ ПРОКУРОРУ РЕСПУБЛИКИ» (16+)
04.10 Х/Ф «ЖАВОРОНОК»

ОТВ

6.00 Х/Ф «ТЕНИ ИСЧЕЗАЮТ В ПОЛДЕНЬ», 7 СЕРИЯ
7.40 ПАТРУЛЬНЫЙ УЧАСТОК
8.00 «СОБЫТИЯ. ПАРЛАМЕНТ»
8.10 «КОМФОРТ В БОЛЬШОМ ГОРОДЕ»
8.30 «РЕЦЕПТ» (16+)
9.00 «ТЕОРИЯ ЗАГОВОРА» (16+)
10.00 Д/Ф «НЕИЗВЕСТНЫЙ КРЕМЛЬ», ФИЛЬМ 1-Й (16+)
10.50 «НАШЕ ДОСТОЯНИЕ»
11.00 «ВСЕ О ЖКХ» (16+)
11.30 «НАЦИОНАЛЬНОЕ ИЗМЕРЕНИЕ» (16+)
12.00 «В ГОСТЯХ У ДАЧИ»
12.20 «УГМК. НОВОСТИ»
12.30 ПАТРУЛЬНЫЙ УЧАСТОК
13.00 НАСЛЕДНИКИ УРАРТУ
13.15 «ГОРОД НА КАРТЕ»
13.30 «ОБРАТНАЯ СТОРОНА ЗЕМЛИ» (16+)
14.00 «ТЕОРИЯ ЗАГОВОРА» (16+)
15.00 Х/Ф «ШТРАФНОЙ УДАР»
16.35 «ВЕСТНИК ЕВРАЗИЙСКОЙ МОЛОДЕЖИ» (16+)
16.50 «ВСЕ О ЗАГОРОДНОЙ ЖИЗНИ»
17.15 «ПРОКУРАТУРА. НА СТРАЖЕ ЗАКОНА» (16+)
17.30 Д/Ф «НЕИЗВЕСТНЫЙ КРЕМЛЬ», ФИЛЬМ 1-Й (16+)
19.10 Т/С «ЛИГОВКА» (16+)
21.00 «СОБЫТИЯ. ИТОГИ» (16+)
21.50 Х/Ф «ШПИОН, ВЫЙДИ ВОН!» (16+)
00.00 ПАТРУЛЬНЫЙ УЧАСТОК
00.30 Т/С «ВЕПРЬ», 1-5 СЕРИИ (16+)

5

5.05 Т/С «ТЕНИ ИСЧЕЗАЮТ В ПОЛДЕНЬ» (12+)
9.00 МУЛЬТФИЛЬМЫ
9.35 ДЕНЬ АНГЕЛА
10.00 СЕЙЧАС
10.10 Т/С «СЛЕД» (16+)
18.30 СЕЙЧАС
18.40 Т/С «КОДЕКС ЧЕСТИ» (16+)
02.00 Т/С «ТАК ДАЛЕКО, ТАК БЛИЗКО» (12+)
